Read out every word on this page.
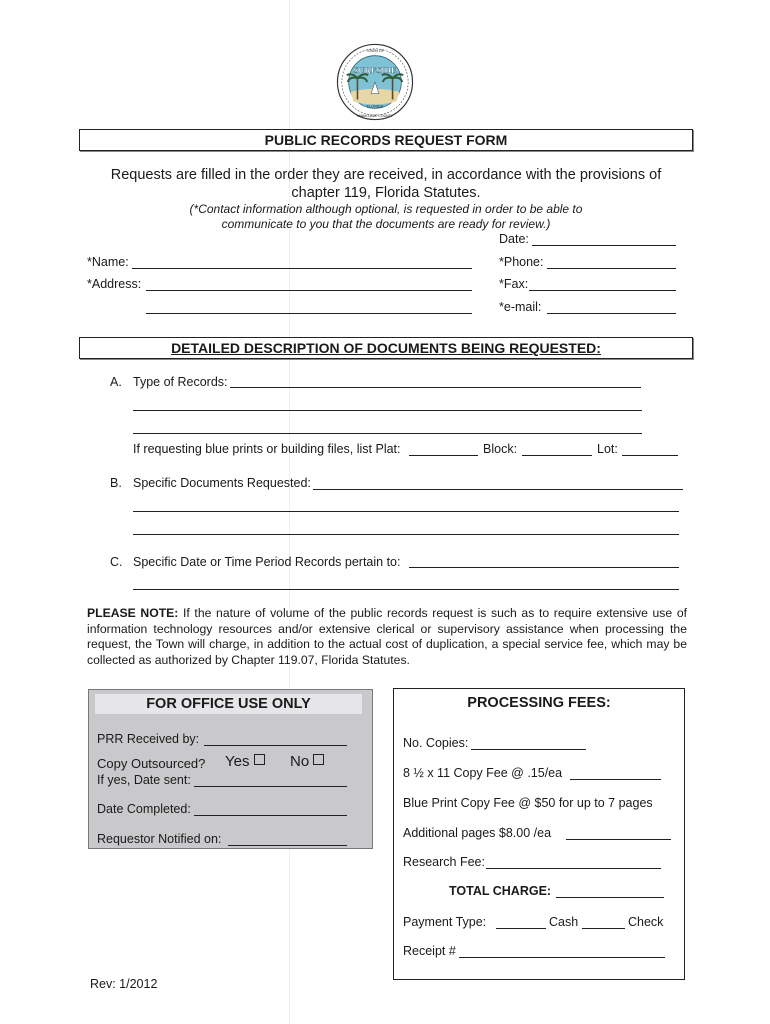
TOWN OF
SURFSIDE
FLORIDA
MIAMI-DADE COUNTY
PUBLIC RECORDS REQUEST FORM
Requests are filled in the order they are received, in accordance with the provisions of
chapter 119, Florida Statutes.
(*Contact information although optional, is requested in order to be able to
communicate to you that the documents are ready for review.)
Date:
*Name:	*Phone:
*Address:	*Fax:
*e-mail:
DETAILED DESCRIPTION OF DOCUMENTS BEING REQUESTED:
A. Type of Records:
If requesting blue prints or building files, list Plat:	Block:	Lot:
B. Specific Documents Requested:
C. Specific Date or Time Period Records pertain to:
PLEASE NOTE: If the nature of volume of the public records request is such as to require extensive use of information technology resources and/or extensive clerical or supervisory assistance when processing the request, the Town will charge, in addition to the actual cost of duplication, a special service fee, which may be collected as authorized by Chapter 119.07, Florida Statutes.
FOR OFFICE USE ONLY
PRR Received by:
Copy Outsourced? Yes	No
If yes, Date sent:
Date Completed:
Requestor Notified on:
PROCESSING FEES:
No. Copies:
8 ½ x 11 Copy Fee @ .15/ea
Blue Print Copy Fee @ $50 for up to 7 pages
Additional pages $8.00 /ea
Research Fee:
TOTAL CHARGE:
Payment Type:	Cash	Check
Receipt #
Rev: 1/2012
